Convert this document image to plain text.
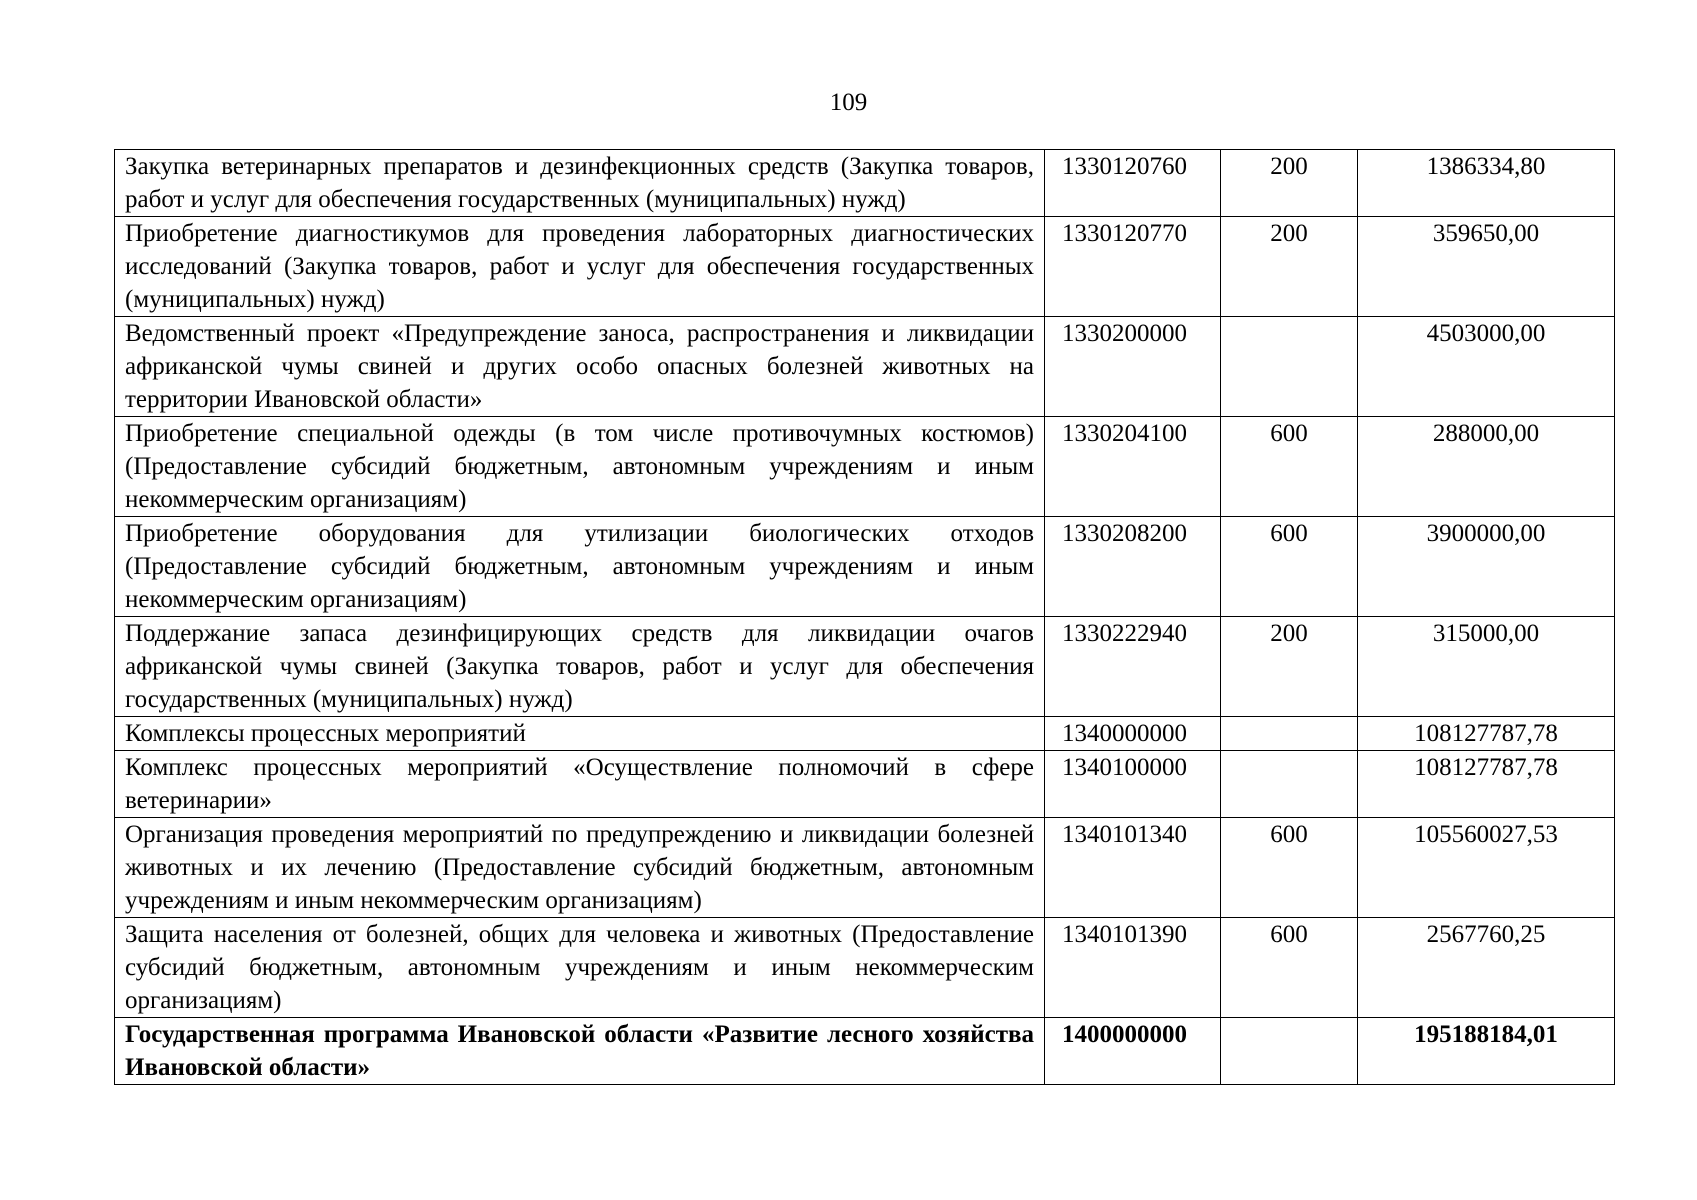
109
Закупка ветеринарных препаратов и дезинфекционных средств (Закупка товаров, работ и услуг для обеспечения государственных (муниципальных) нужд)	1330120760	200	1386334,80
Приобретение диагностикумов для проведения лабораторных диагностических исследований (Закупка товаров, работ и услуг для обеспечения государственных (муниципальных) нужд)	1330120770	200	359650,00
Ведомственный проект «Предупреждение заноса, распространения и ликвидации африканской чумы свиней и других особо опасных болезней животных на территории Ивановской области»	1330200000		4503000,00
Приобретение специальной одежды (в том числе противочумных костюмов) (Предоставление субсидий бюджетным, автономным учреждениям и иным некоммерческим организациям)	1330204100	600	288000,00
Приобретение оборудования для утилизации биологических отходов (Предоставление субсидий бюджетным, автономным учреждениям и иным некоммерческим организациям)	1330208200	600	3900000,00
Поддержание запаса дезинфицирующих средств для ликвидации очагов африканской чумы свиней (Закупка товаров, работ и услуг для обеспечения государственных (муниципальных) нужд)	1330222940	200	315000,00
Комплексы процессных мероприятий	1340000000		108127787,78
Комплекс процессных мероприятий «Осуществление полномочий в сфере ветеринарии»	1340100000		108127787,78
Организация проведения мероприятий по предупреждению и ликвидации болезней животных и их лечению (Предоставление субсидий бюджетным, автономным учреждениям и иным некоммерческим организациям)	1340101340	600	105560027,53
Защита населения от болезней, общих для человека и животных (Предоставление субсидий бюджетным, автономным учреждениям и иным некоммерческим организациям)	1340101390	600	2567760,25
Государственная программа Ивановской области «Развитие лесного хозяйства Ивановской области»	1400000000		195188184,01
